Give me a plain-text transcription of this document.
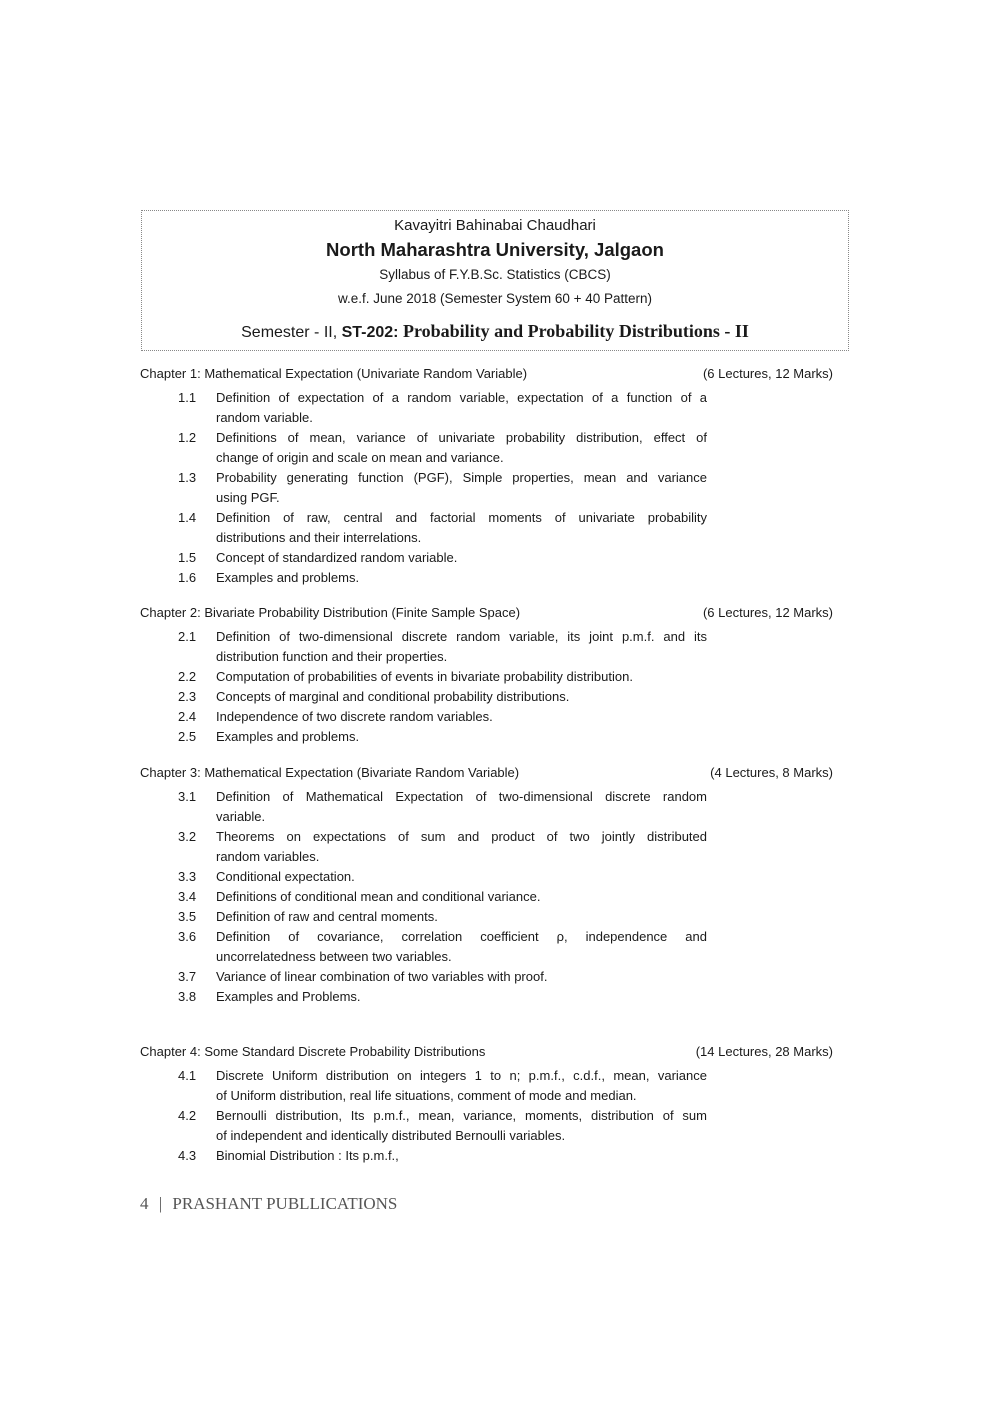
Kavayitri Bahinabai Chaudhari
North Maharashtra University, Jalgaon
Syllabus of F.Y.B.Sc. Statistics (CBCS)
w.e.f. June 2018 (Semester System 60 + 40 Pattern)
Semester - II, ST-202: Probability and Probability Distributions - II
Chapter 1: Mathematical Expectation (Univariate Random Variable)	(6 Lectures, 12 Marks)
1.1 Definition of expectation of a random variable, expectation of a function of a
random variable.
1.2 Definitions of mean, variance of univariate probability distribution, effect of
change of origin and scale on mean and variance.
1.3 Probability generating function (PGF), Simple properties, mean and variance
using PGF.
1.4 Definition of raw, central and factorial moments of univariate probability
distributions and their interrelations.
1.5 Concept of standardized random variable.
1.6 Examples and problems.
Chapter 2: Bivariate Probability Distribution (Finite Sample Space)	(6 Lectures, 12 Marks)
2.1 Definition of two-dimensional discrete random variable, its joint p.m.f. and its
distribution function and their properties.
2.2 Computation of probabilities of events in bivariate probability distribution.
2.3 Concepts of marginal and conditional probability distributions.
2.4 Independence of two discrete random variables.
2.5 Examples and problems.
Chapter 3: Mathematical Expectation (Bivariate Random Variable)	(4 Lectures, 8 Marks)
3.1 Definition of Mathematical Expectation of two-dimensional discrete random
variable.
3.2 Theorems on expectations of sum and product of two jointly distributed
random variables.
3.3 Conditional expectation.
3.4 Definitions of conditional mean and conditional variance.
3.5 Definition of raw and central moments.
3.6 Definition of covariance, correlation coefficient ρ, independence and
uncorrelatedness between two variables.
3.7 Variance of linear combination of two variables with proof.
3.8 Examples and Problems.
Chapter 4: Some Standard Discrete Probability Distributions	(14 Lectures, 28 Marks)
4.1 Discrete Uniform distribution on integers 1 to n; p.m.f., c.d.f., mean, variance
of Uniform distribution, real life situations, comment of mode and median.
4.2 Bernoulli distribution, Its p.m.f., mean, variance, moments, distribution of sum
of independent and identically distributed Bernoulli variables.
4.3 Binomial Distribution : Its p.m.f.,
4 | PRASHANT PUBLLICATIONS
